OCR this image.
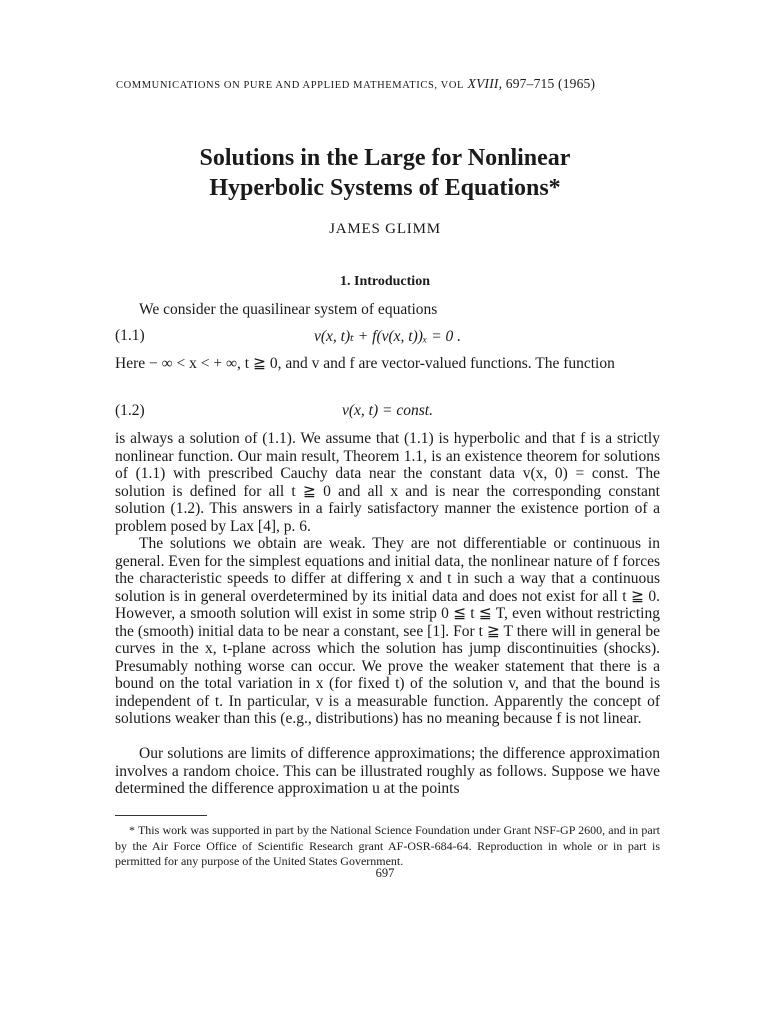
COMMUNICATIONS ON PURE AND APPLIED MATHEMATICS, VOL XVIII, 697–715 (1965)
Solutions in the Large for Nonlinear
Hyperbolic Systems of Equations*
JAMES GLIMM
1. Introduction

We consider the quasilinear system of equations

(1.1)	v(x, t)ₜ + f(v(x, t))ₓ = 0 .

Here − ∞ < x < + ∞, t ≧ 0, and v and f are vector-valued functions. The function

(1.2)	v(x, t) = const.

is always a solution of (1.1). We assume that (1.1) is hyperbolic and that f is a strictly nonlinear function. Our main result, Theorem 1.1, is an existence theorem for solutions of (1.1) with prescribed Cauchy data near the constant data v(x, 0) = const. The solution is defined for all t ≧ 0 and all x and is near the corresponding constant solution (1.2). This answers in a fairly satisfactory manner the existence portion of a problem posed by Lax [4], p. 6.

The solutions we obtain are weak. They are not differentiable or continuous in general. Even for the simplest equations and initial data, the nonlinear nature of f forces the characteristic speeds to differ at differing x and t in such a way that a continuous solution is in general overdetermined by its initial data and does not exist for all t ≧ 0. However, a smooth solution will exist in some strip 0 ≦ t ≦ T, even without restricting the (smooth) initial data to be near a constant, see [1]. For t ≧ T there will in general be curves in the x, t-plane across which the solution has jump discontinuities (shocks). Presumably nothing worse can occur. We prove the weaker statement that there is a bound on the total variation in x (for fixed t) of the solution v, and that the bound is independent of t. In particular, v is a measurable function. Apparently the concept of solutions weaker than this (e.g., distributions) has no meaning because f is not linear.

Our solutions are limits of difference approximations; the difference approximation involves a random choice. This can be illustrated roughly as follows. Suppose we have determined the difference approximation u at the points

* This work was supported in part by the National Science Foundation under Grant NSF-GP 2600, and in part by the Air Force Office of Scientific Research grant AF-OSR-684-64. Reproduction in whole or in part is permitted for any purpose of the United States Government.

697
